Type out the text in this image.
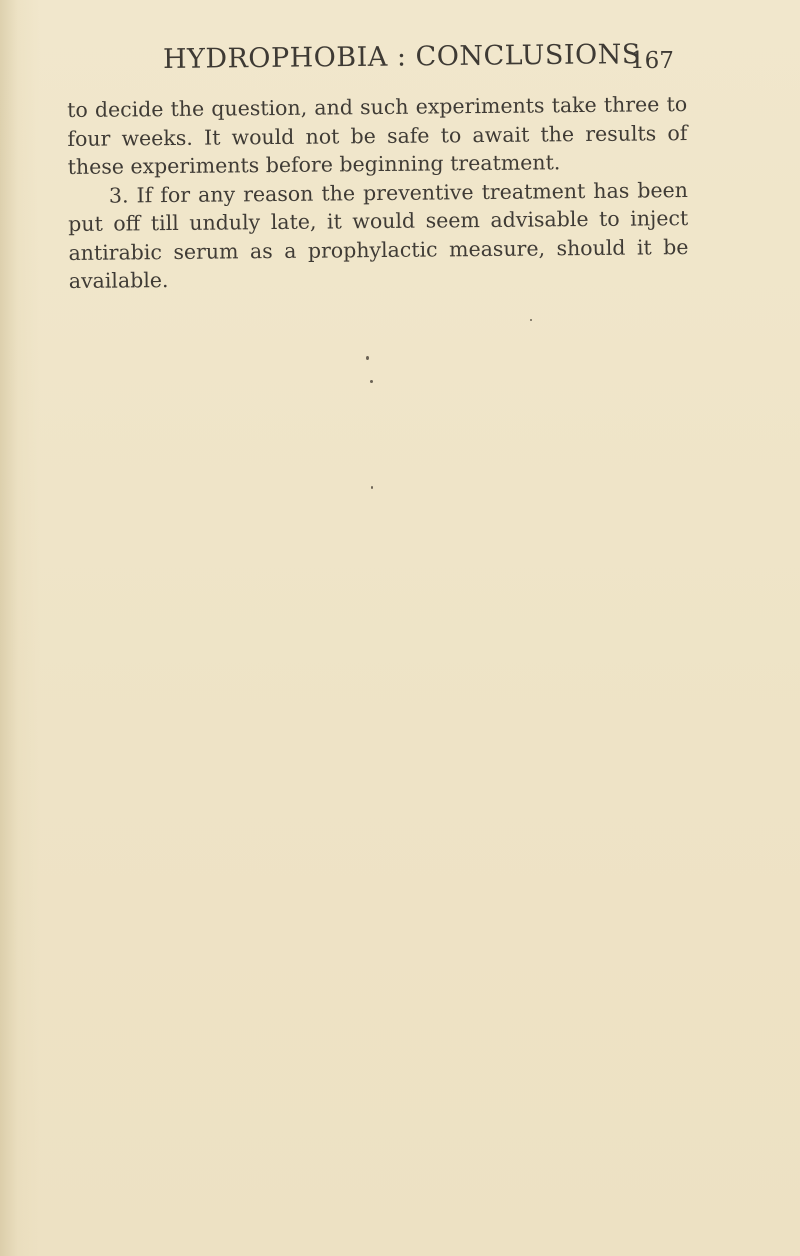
HYDROPHOBIA : CONCLUSIONS
167

to decide the question, and such experiments take three to four weeks. It would not be safe to await the results of these experiments before beginning treatment.

3. If for any reason the preventive treatment has been put off till unduly late, it would seem advisable to inject antirabic serum as a prophylactic measure, should it be available.
